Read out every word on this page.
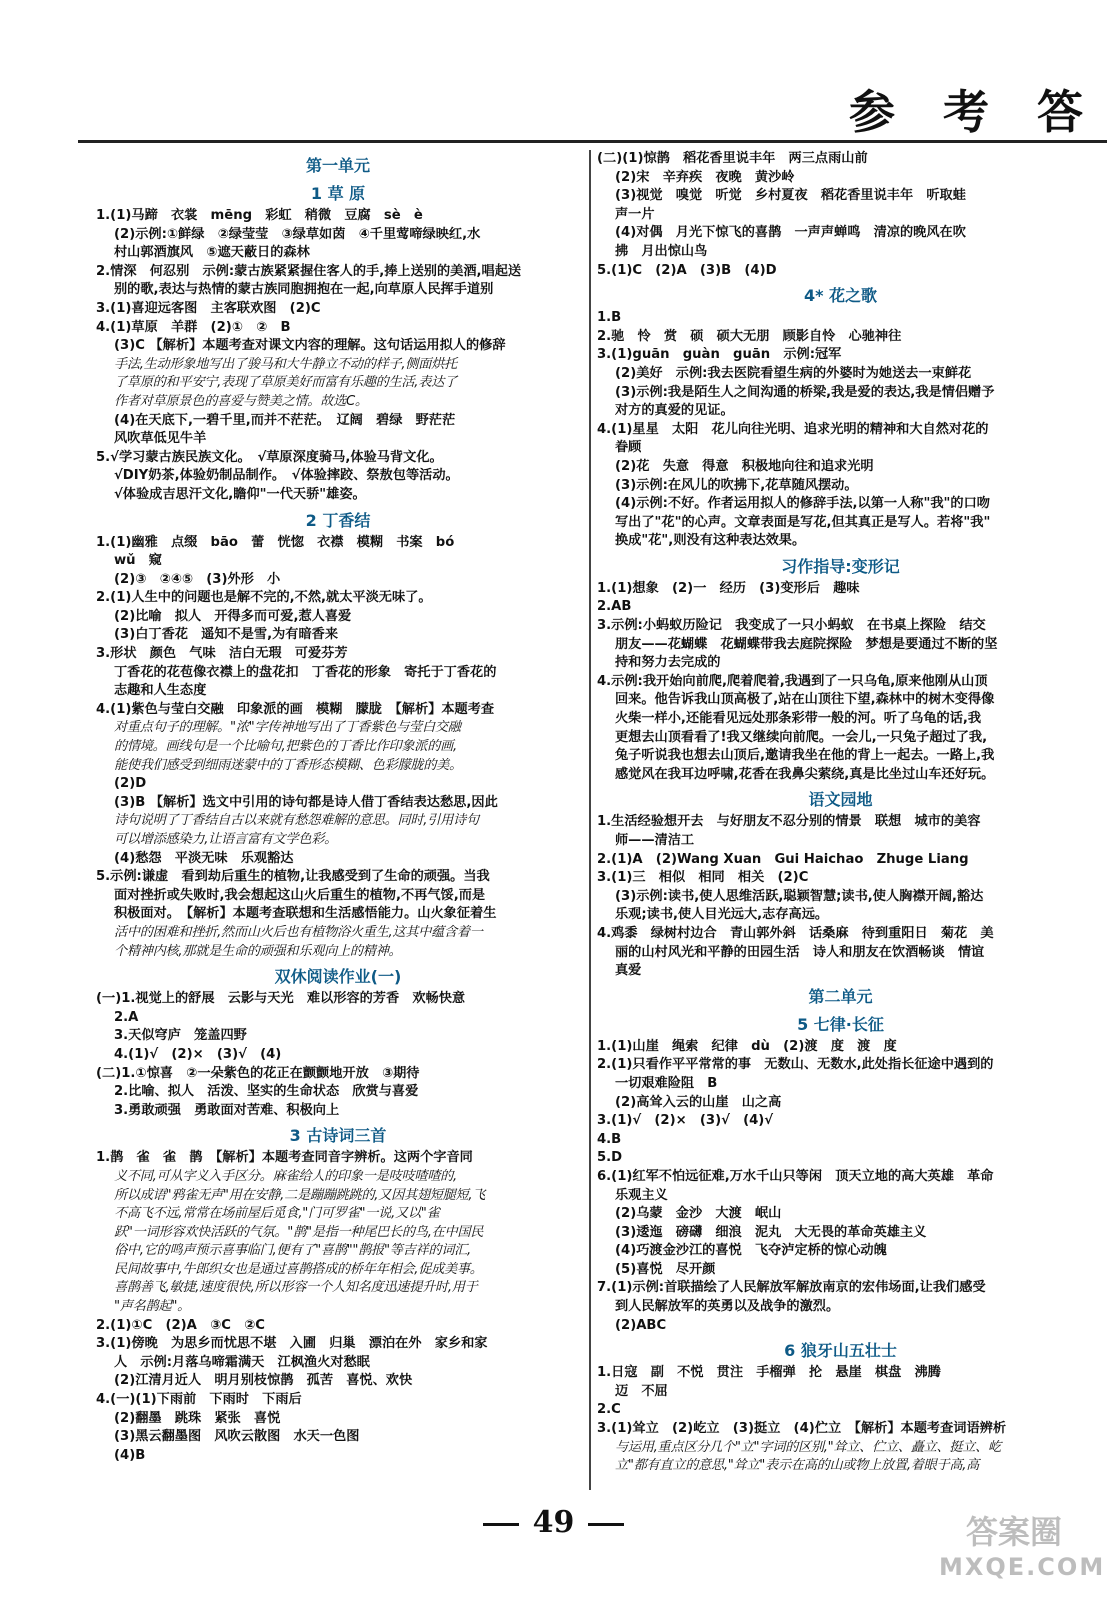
参 考 答
第一单元
1 草 原
1.(1)马蹄　衣裳　mēng　彩虹　稍微　豆腐　sè　è
(2)示例:①鲜绿　②绿莹莹　③绿草如茵　④千里莺啼绿映红,水
村山郭酒旗风　⑤遮天蔽日的森林
2.情深　何忍别　示例:蒙古族紧紧握住客人的手,捧上送别的美酒,唱起送
别的歌,表达与热情的蒙古族同胞拥抱在一起,向草原人民挥手道别
3.(1)喜迎远客图　主客联欢图　(2)C
4.(1)草原　羊群　(2)①　②　B
(3)C 【解析】本题考查对课文内容的理解。这句话运用拟人的修辞
手法,生动形象地写出了骏马和大牛静立不动的样子,侧面烘托
了草原的和平安宁,表现了草原美好而富有乐趣的生活,表达了
作者对草原景色的喜爱与赞美之情。故选C。
(4)在天底下,一碧千里,而并不茫茫。　辽阔　碧绿　野茫茫
风吹草低见牛羊
5.√学习蒙古族民族文化。　√草原深度骑马,体验马背文化。
√DIY奶茶,体验奶制品制作。　√体验摔跤、祭敖包等活动。
√体验成吉思汗文化,瞻仰"一代天骄"雄姿。
2 丁香结
1.(1)幽雅　点缀　bāo　蕾　恍惚　衣襟　模糊　书案　bó
wǔ　窥
(2)③　②④⑤　(3)外形　小
2.(1)人生中的问题也是解不完的,不然,就太平淡无味了。
(2)比喻　拟人　开得多而可爱,惹人喜爱
(3)白丁香花　遥知不是雪,为有暗香来
3.形状　颜色　气味　洁白无瑕　可爱芬芳
丁香花的花苞像衣襟上的盘花扣　丁香花的形象　寄托于丁香花的
志趣和人生态度
4.(1)紫色与莹白交融　印象派的画　模糊　朦胧　【解析】本题考查
对重点句子的理解。"浓"字传神地写出了丁香紫色与莹白交融
的情境。画线句是一个比喻句,把紫色的丁香比作印象派的画,
能使我们感受到细雨迷蒙中的丁香形态模糊、色彩朦胧的美。
(2)D
(3)B 【解析】选文中引用的诗句都是诗人借丁香结表达愁思,因此
诗句说明了丁香结自古以来就有愁怨难解的意思。同时,引用诗句
可以增添感染力,让语言富有文学色彩。
(4)愁怨　平淡无味　乐观豁达
5.示例:谦虚　看到劫后重生的植物,让我感受到了生命的顽强。当我
面对挫折或失败时,我会想起这山火后重生的植物,不再气馁,而是
积极面对。　【解析】本题考查联想和生活感悟能力。山火象征着生
活中的困难和挫折,然而山火后也有植物浴火重生,这其中蕴含着一
个精神内核,那就是生命的顽强和乐观向上的精神。
双休阅读作业(一)
(一)1.视觉上的舒展　云影与天光　难以形容的芳香　欢畅快意
2.A
3.天似穹庐　笼盖四野
4.(1)√　(2)×　(3)√　(4)
(二)1.①惊喜　②一朵紫色的花正在颤颤地开放　③期待
2.比喻、拟人　活泼、坚实的生命状态　欣赏与喜爱
3.勇敢顽强　勇敢面对苦难、积极向上
3 古诗词三首
1.鹊　雀　雀　鹊　【解析】本题考查同音字辨析。这两个字音同
义不同,可从字义入手区分。麻雀给人的印象一是吱吱喳喳的,
所以成语"鸦雀无声"用在安静,二是蹦蹦跳跳的,又因其翅短腿短,飞
不高飞不远,常常在场前屋后觅食,"门可罗雀"一说,又以"雀
跃"一词形容欢快活跃的气氛。"鹊"是指一种尾巴长的鸟,在中国民
俗中,它的鸣声预示喜事临门,便有了"喜鹊""鹊报"等吉祥的词汇,
民间故事中,牛郎织女也是通过喜鹊搭成的桥年年相会,促成美事。
喜鹊善飞,敏捷,速度很快,所以形容一个人知名度迅速提升时,用于
"声名鹊起"。
2.(1)①C　(2)A　③C　②C
3.(1)傍晚　为思乡而忧思不堪　入圃　归巢　漂泊在外　家乡和家
人　示例:月落乌啼霜满天　江枫渔火对愁眠
(2)江清月近人　明月别枝惊鹊　孤苦　喜悦、欢快
4.(一)(1)下雨前　下雨时　下雨后
(2)翻墨　跳珠　紧张　喜悦
(3)黑云翻墨图　风吹云散图　水天一色图
(4)B
(二)(1)惊鹊　稻花香里说丰年　两三点雨山前
(2)宋　辛弃疾　夜晚　黄沙岭
(3)视觉　嗅觉　听觉　乡村夏夜　稻花香里说丰年　听取蛙
声一片
(4)对偶　月光下惊飞的喜鹊　一声声蝉鸣　清凉的晚风在吹
拂　月出惊山鸟
5.(1)C　(2)A　(3)B　(4)D
4* 花之歌
1.B
2.驰　怜　赏　硕　硕大无朋　顾影自怜　心驰神往
3.(1)guān　guàn　guān　示例:冠军
(2)美好　示例:我去医院看望生病的外婆时为她送去一束鲜花
(3)示例:我是陌生人之间沟通的桥梁,我是爱的表达,我是情侣赠予
对方的真爱的见证。
4.(1)星星　太阳　花儿向往光明、追求光明的精神和大自然对花的
眷顾
(2)花　失意　得意　积极地向往和追求光明
(3)示例:在风儿的吹拂下,花草随风摆动。
(4)示例:不好。作者运用拟人的修辞手法,以第一人称"我"的口吻
写出了"花"的心声。文章表面是写花,但其真正是写人。若将"我"
换成"花",则没有这种表达效果。
习作指导:变形记
1.(1)想象　(2)一　经历　(3)变形后　趣味
2.AB
3.示例:小蚂蚁历险记　我变成了一只小蚂蚁　在书桌上探险　结交
朋友——花蝴蝶　花蝴蝶带我去庭院探险　梦想是要通过不断的坚
持和努力去完成的
4.示例:我开始向前爬,爬着爬着,我遇到了一只乌龟,原来他刚从山顶
回来。他告诉我山顶高极了,站在山顶往下望,森林中的树木变得像
火柴一样小,还能看见远处那条彩带一般的河。听了乌龟的话,我
更想去山顶看看了!我又继续向前爬。一会儿,一只兔子超过了我,
兔子听说我也想去山顶后,邀请我坐在他的背上一起去。一路上,我
感觉风在我耳边呼啸,花香在我鼻尖萦绕,真是比坐过山车还好玩。
语文园地
1.生活经验想开去　与好朋友不忍分别的情景　联想　城市的美容
师——清洁工
2.(1)A　(2)Wang Xuan　Gui Haichao　Zhuge Liang
3.(1)三　相似　相同　相关　(2)C
(3)示例:读书,使人思维活跃,聪颖智慧;读书,使人胸襟开阔,豁达
乐观;读书,使人目光远大,志存高远。
4.鸡黍　绿树村边合　青山郭外斜　话桑麻　待到重阳日　菊花　美
丽的山村风光和平静的田园生活　诗人和朋友在饮酒畅谈　情谊
真爱
第二单元
5 七律·长征
1.(1)山崖　绳索　纪律　dù　(2)渡　度　渡　度
2.(1)只看作平平常常的事　无数山、无数水,此处指长征途中遇到的
一切艰难险阻　B
(2)高耸入云的山崖　山之高
3.(1)√　(2)×　(3)√　(4)√
4.B
5.D
6.(1)红军不怕远征难,万水千山只等闲　顶天立地的高大英雄　革命
乐观主义
(2)乌蒙　金沙　大渡　岷山
(3)逶迤　磅礴　细浪　泥丸　大无畏的革命英雄主义
(4)巧渡金沙江的喜悦　飞夺泸定桥的惊心动魄
(5)喜悦　尽开颜
7.(1)示例:首联描绘了人民解放军解放南京的宏伟场面,让我们感受
到人民解放军的英勇以及战争的激烈。
(2)ABC
6 狼牙山五壮士
1.日寇　副　不悦　贯注　手榴弹　抡　悬崖　棋盘　沸腾
迈　不屈
2.C
3.(1)耸立　(2)屹立　(3)挺立　(4)伫立　【解析】本题考查词语辨析
与运用,重点区分几个"立"字词的区别,"耸立、伫立、矗立、挺立、屹
立"都有直立的意思,"耸立"表示在高的山或物上放置,着眼于高,高
49	答案圈
MXQE.COM
